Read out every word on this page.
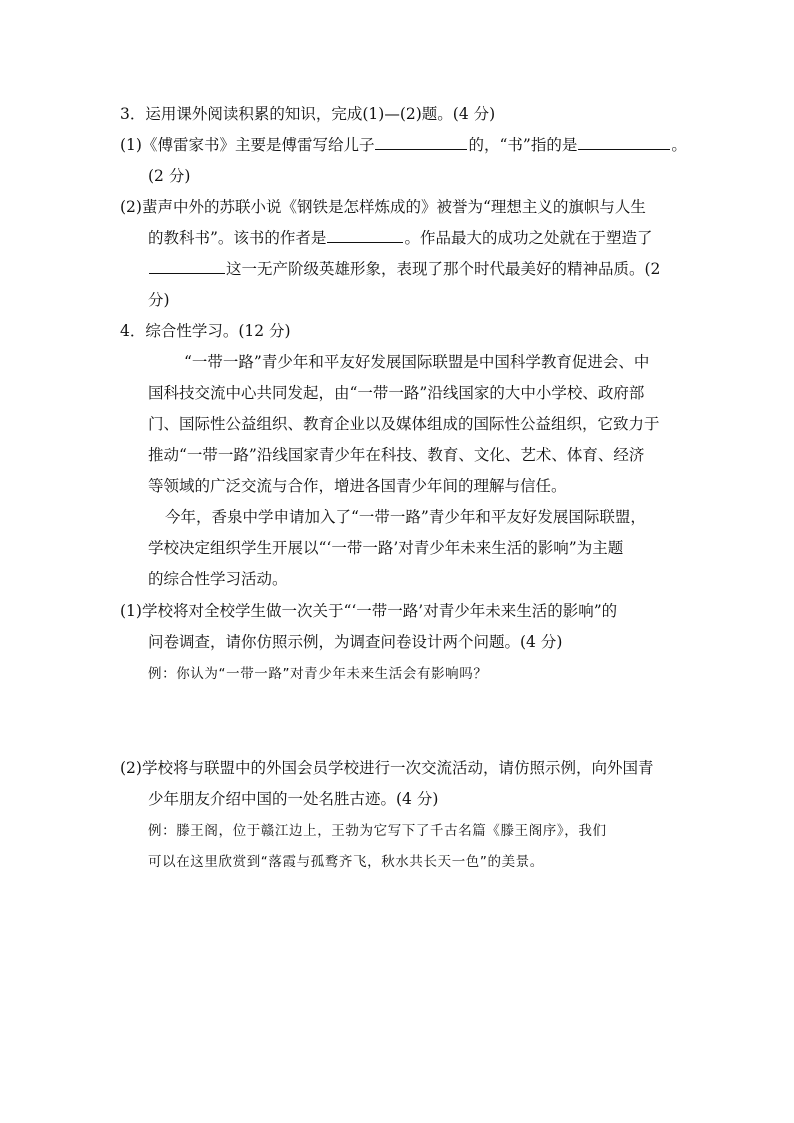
3．运用课外阅读积累的知识，完成(1)—(2)题。(4 分)
(1)《傅雷家书》主要是傅雷写给儿子	的，“书”指的是	。
(2 分)
(2)蜚声中外的苏联小说《钢铁是怎样炼成的》被誉为“理想主义的旗帜与人生
的教科书”。该书的作者是	。作品最大的成功之处就在于塑造了
这一无产阶级英雄形象，表现了那个时代最美好的精神品质。(2
分)
4．综合性学习。(12 分)
“一带一路”青少年和平友好发展国际联盟是中国科学教育促进会、中
国科技交流中心共同发起，由“一带一路”沿线国家的大中小学校、政府部
门、国际性公益组织、教育企业以及媒体组成的国际性公益组织，它致力于
推动“一带一路”沿线国家青少年在科技、教育、文化、艺术、体育、经济
等领域的广泛交流与合作，增进各国青少年间的理解与信任。
今年，香泉中学申请加入了“一带一路”青少年和平友好发展国际联盟，
学校决定组织学生开展以“‘一带一路’对青少年未来生活的影响”为主题
的综合性学习活动。
(1)学校将对全校学生做一次关于“‘一带一路’对青少年未来生活的影响”的
问卷调查，请你仿照示例，为调查问卷设计两个问题。(4 分)
例：你认为“一带一路”对青少年未来生活会有影响吗？
(2)学校将与联盟中的外国会员学校进行一次交流活动，请仿照示例，向外国青
少年朋友介绍中国的一处名胜古迹。(4 分)
例：滕王阁，位于赣江边上，王勃为它写下了千古名篇《滕王阁序》，我们
可以在这里欣赏到“落霞与孤鹜齐飞，秋水共长天一色”的美景。
